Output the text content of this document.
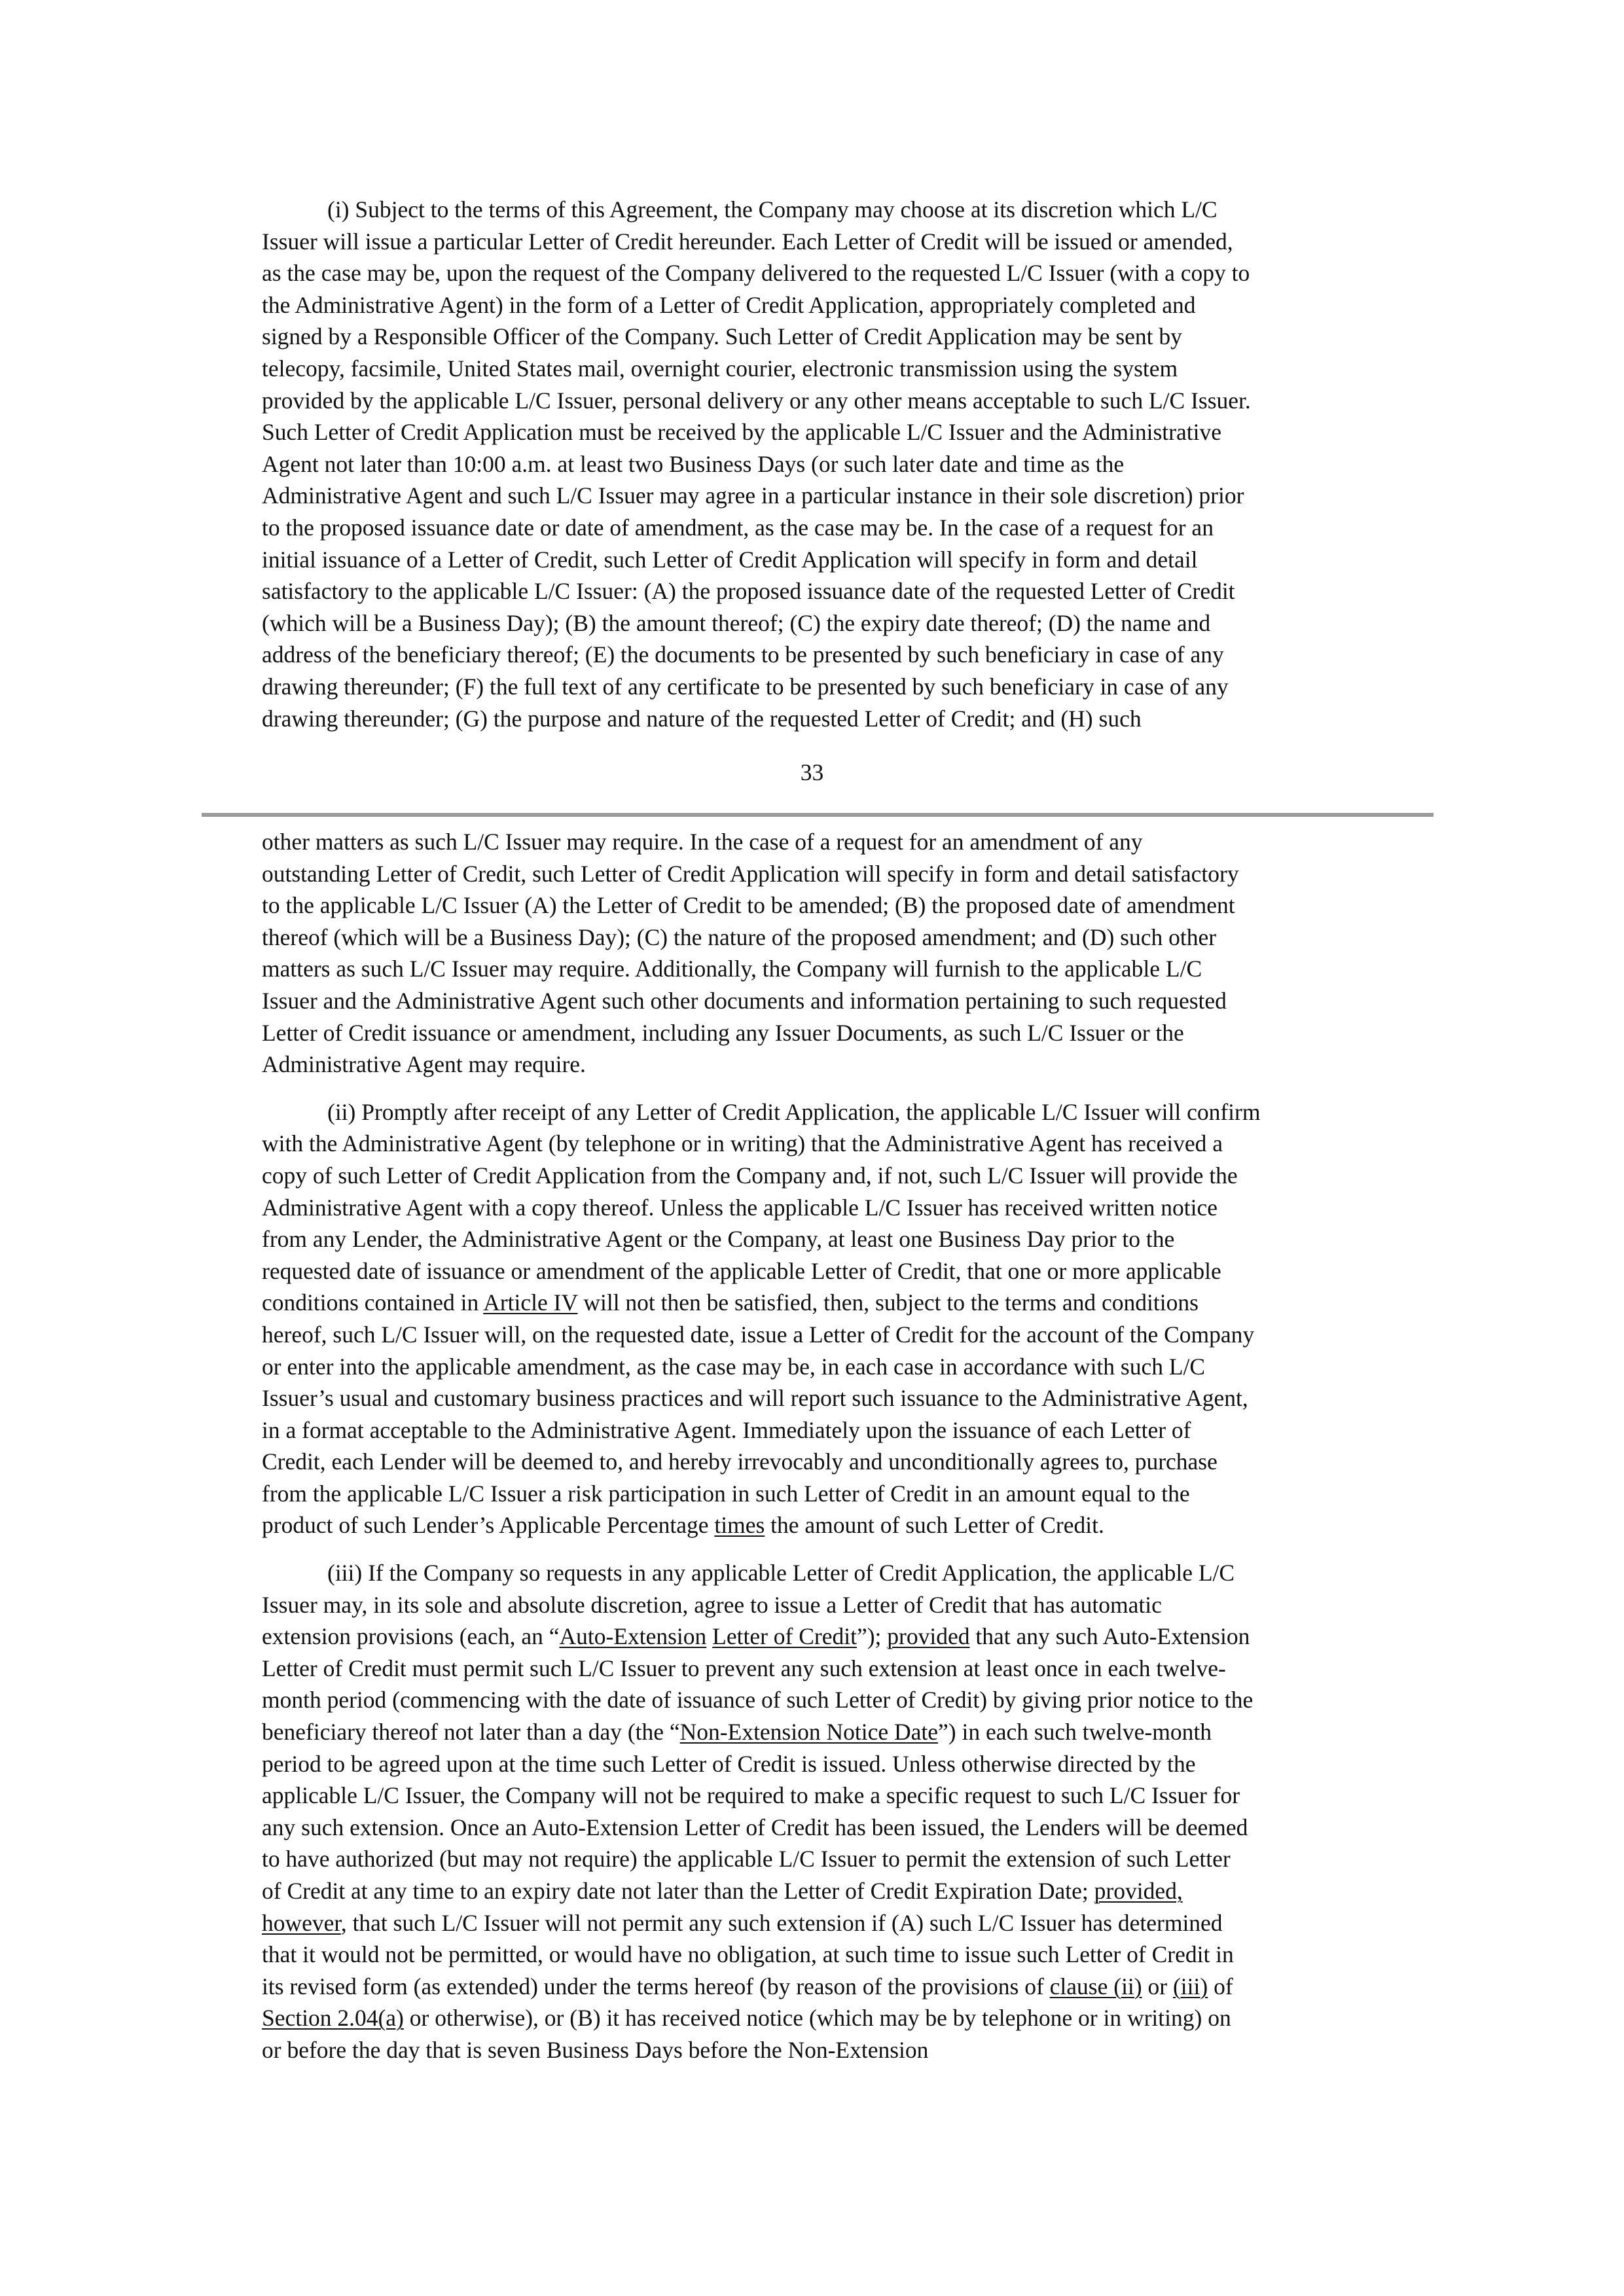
(i) Subject to the terms of this Agreement, the Company may choose at its discretion which L/C
Issuer will issue a particular Letter of Credit hereunder. Each Letter of Credit will be issued or amended,
as the case may be, upon the request of the Company delivered to the requested L/C Issuer (with a copy to
the Administrative Agent) in the form of a Letter of Credit Application, appropriately completed and
signed by a Responsible Officer of the Company. Such Letter of Credit Application may be sent by
telecopy, facsimile, United States mail, overnight courier, electronic transmission using the system
provided by the applicable L/C Issuer, personal delivery or any other means acceptable to such L/C Issuer.
Such Letter of Credit Application must be received by the applicable L/C Issuer and the Administrative
Agent not later than 10:00 a.m. at least two Business Days (or such later date and time as the
Administrative Agent and such L/C Issuer may agree in a particular instance in their sole discretion) prior
to the proposed issuance date or date of amendment, as the case may be. In the case of a request for an
initial issuance of a Letter of Credit, such Letter of Credit Application will specify in form and detail
satisfactory to the applicable L/C Issuer: (A) the proposed issuance date of the requested Letter of Credit
(which will be a Business Day); (B) the amount thereof; (C) the expiry date thereof; (D) the name and
address of the beneficiary thereof; (E) the documents to be presented by such beneficiary in case of any
drawing thereunder; (F) the full text of any certificate to be presented by such beneficiary in case of any
drawing thereunder; (G) the purpose and nature of the requested Letter of Credit; and (H) such

33

other matters as such L/C Issuer may require. In the case of a request for an amendment of any
outstanding Letter of Credit, such Letter of Credit Application will specify in form and detail satisfactory
to the applicable L/C Issuer (A) the Letter of Credit to be amended; (B) the proposed date of amendment
thereof (which will be a Business Day); (C) the nature of the proposed amendment; and (D) such other
matters as such L/C Issuer may require. Additionally, the Company will furnish to the applicable L/C
Issuer and the Administrative Agent such other documents and information pertaining to such requested
Letter of Credit issuance or amendment, including any Issuer Documents, as such L/C Issuer or the
Administrative Agent may require.

(ii) Promptly after receipt of any Letter of Credit Application, the applicable L/C Issuer will confirm
with the Administrative Agent (by telephone or in writing) that the Administrative Agent has received a
copy of such Letter of Credit Application from the Company and, if not, such L/C Issuer will provide the
Administrative Agent with a copy thereof. Unless the applicable L/C Issuer has received written notice
from any Lender, the Administrative Agent or the Company, at least one Business Day prior to the
requested date of issuance or amendment of the applicable Letter of Credit, that one or more applicable
conditions contained in Article IV will not then be satisfied, then, subject to the terms and conditions
hereof, such L/C Issuer will, on the requested date, issue a Letter of Credit for the account of the Company
or enter into the applicable amendment, as the case may be, in each case in accordance with such L/C
Issuer’s usual and customary business practices and will report such issuance to the Administrative Agent,
in a format acceptable to the Administrative Agent. Immediately upon the issuance of each Letter of
Credit, each Lender will be deemed to, and hereby irrevocably and unconditionally agrees to, purchase
from the applicable L/C Issuer a risk participation in such Letter of Credit in an amount equal to the
product of such Lender’s Applicable Percentage times the amount of such Letter of Credit.

(iii) If the Company so requests in any applicable Letter of Credit Application, the applicable L/C
Issuer may, in its sole and absolute discretion, agree to issue a Letter of Credit that has automatic
extension provisions (each, an “Auto-Extension Letter of Credit”); provided that any such Auto-Extension
Letter of Credit must permit such L/C Issuer to prevent any such extension at least once in each twelve-
month period (commencing with the date of issuance of such Letter of Credit) by giving prior notice to the
beneficiary thereof not later than a day (the “Non-Extension Notice Date”) in each such twelve-month
period to be agreed upon at the time such Letter of Credit is issued. Unless otherwise directed by the
applicable L/C Issuer, the Company will not be required to make a specific request to such L/C Issuer for
any such extension. Once an Auto-Extension Letter of Credit has been issued, the Lenders will be deemed
to have authorized (but may not require) the applicable L/C Issuer to permit the extension of such Letter
of Credit at any time to an expiry date not later than the Letter of Credit Expiration Date; provided,
however, that such L/C Issuer will not permit any such extension if (A) such L/C Issuer has determined
that it would not be permitted, or would have no obligation, at such time to issue such Letter of Credit in
its revised form (as extended) under the terms hereof (by reason of the provisions of clause (ii) or (iii) of
Section 2.04(a) or otherwise), or (B) it has received notice (which may be by telephone or in writing) on
or before the day that is seven Business Days before the Non-Extension
